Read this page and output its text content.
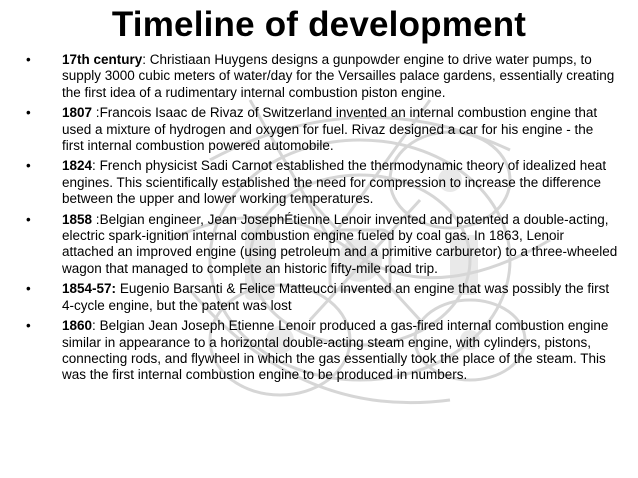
Timeline of development
• 17th century: Christiaan Huygens designs a gunpowder engine to drive water pumps, to supply 3000 cubic meters of water/day for the Versailles palace gardens, essentially creating the first idea of a rudimentary internal combustion piston engine.
• 1807 :Francois Isaac de Rivaz of Switzerland invented an internal combustion engine that used a mixture of hydrogen and oxygen for fuel. Rivaz designed a car for his engine - the first internal combustion powered automobile.
• 1824: French physicist Sadi Carnot established the thermodynamic theory of idealized heat engines. This scientifically established the need for compression to increase the difference between the upper and lower working temperatures.
• 1858 :Belgian engineer, Jean JosephÉtienne Lenoir invented and patented a double-acting, electric spark-ignition internal combustion engine fueled by coal gas. In 1863, Lenoir attached an improved engine (using petroleum and a primitive carburetor) to a three-wheeled wagon that managed to complete an historic fifty-mile road trip.
• 1854-57: Eugenio Barsanti & Felice Matteucci invented an engine that was possibly the first 4-cycle engine, but the patent was lost
• 1860: Belgian Jean Joseph Etienne Lenoir produced a gas-fired internal combustion engine similar in appearance to a horizontal double-acting steam engine, with cylinders, pistons, connecting rods, and flywheel in which the gas essentially took the place of the steam. This was the first internal combustion engine to be produced in numbers.
